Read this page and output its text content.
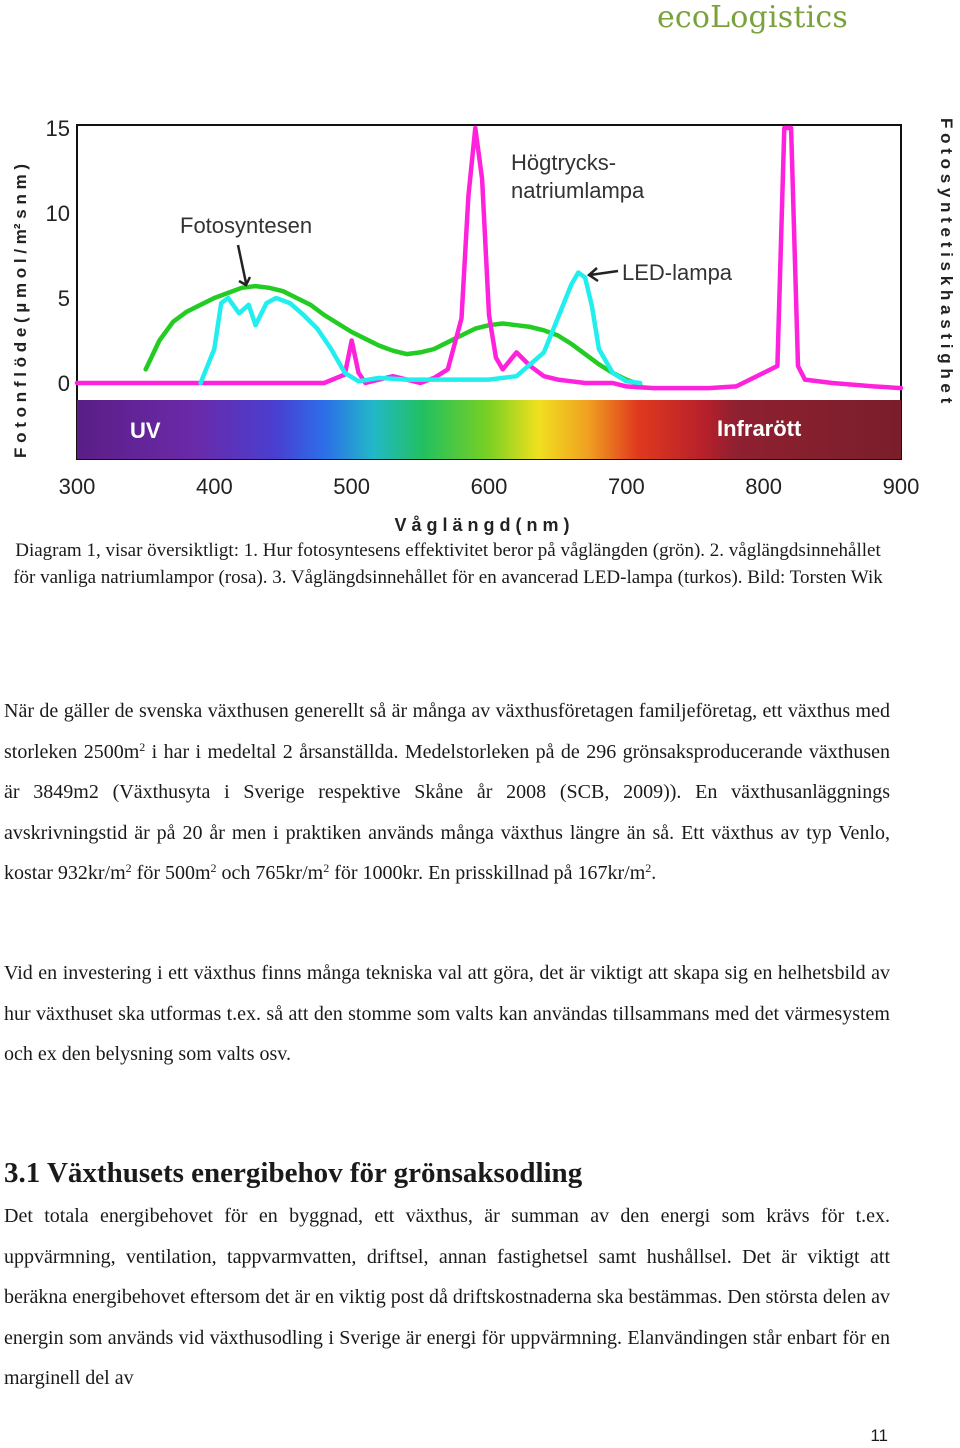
ecoLogistics
UV	Infrarött
300	400	500	600	700	800	900
0
5
10
15
Fotosyntesen
Högtrycks-
natriumlampa
LED-lampa
F o t o n f l ö d e ( µ m o l / m² s n m )	F o t o s y n t e t i s k h a s t i g h e t
V å g l ä n g d ( n m )
Diagram 1, visar översiktligt: 1. Hur fotosyntesens effektivitet beror på våglängden (grön). 2. våglängdsinnehållet för vanliga natriumlampor (rosa). 3. Våglängdsinnehållet för en avancerad LED-lampa (turkos). Bild: Torsten Wik
När de gäller de svenska växthusen generellt så är många av växthusföretagen familjeföretag, ett växthus med storleken $2500m^2$ i har i medeltal 2 årsanställda. Medelstorleken på de 296 grönsaksproducerande växthusen är 3849m2 (Växthusyta i Sverige respektive Skåne år 2008 (SCB, 2009)). En växthusanläggnings avskrivningstid är på 20 år men i praktiken används många växthus längre än så. Ett växthus av typ Venlo, kostar $932kr/m^2$ för $500m^2$ och $765kr/m^2$ för 1000kr. En prisskillnad på $167kr/m^2$.
Vid en investering i ett växthus finns många tekniska val att göra, det är viktigt att skapa sig en helhetsbild av hur växthuset ska utformas t.ex. så att den stomme som valts kan användas tillsammans med det värmesystem och ex den belysning som valts osv.
3.1 Växthusets energibehov för grönsaksodling
Det totala energibehovet för en byggnad, ett växthus, är summan av den energi som krävs för t.ex. uppvärmning, ventilation, tappvarmvatten, driftsel, annan fastighetsel samt hushållsel. Det är viktigt att beräkna energibehovet eftersom det är en viktig post då driftskostnaderna ska bestämmas. Den största delen av energin som används vid växthusodling i Sverige är energi för uppvärmning. Elanvändingen står enbart för en marginell del av
11
